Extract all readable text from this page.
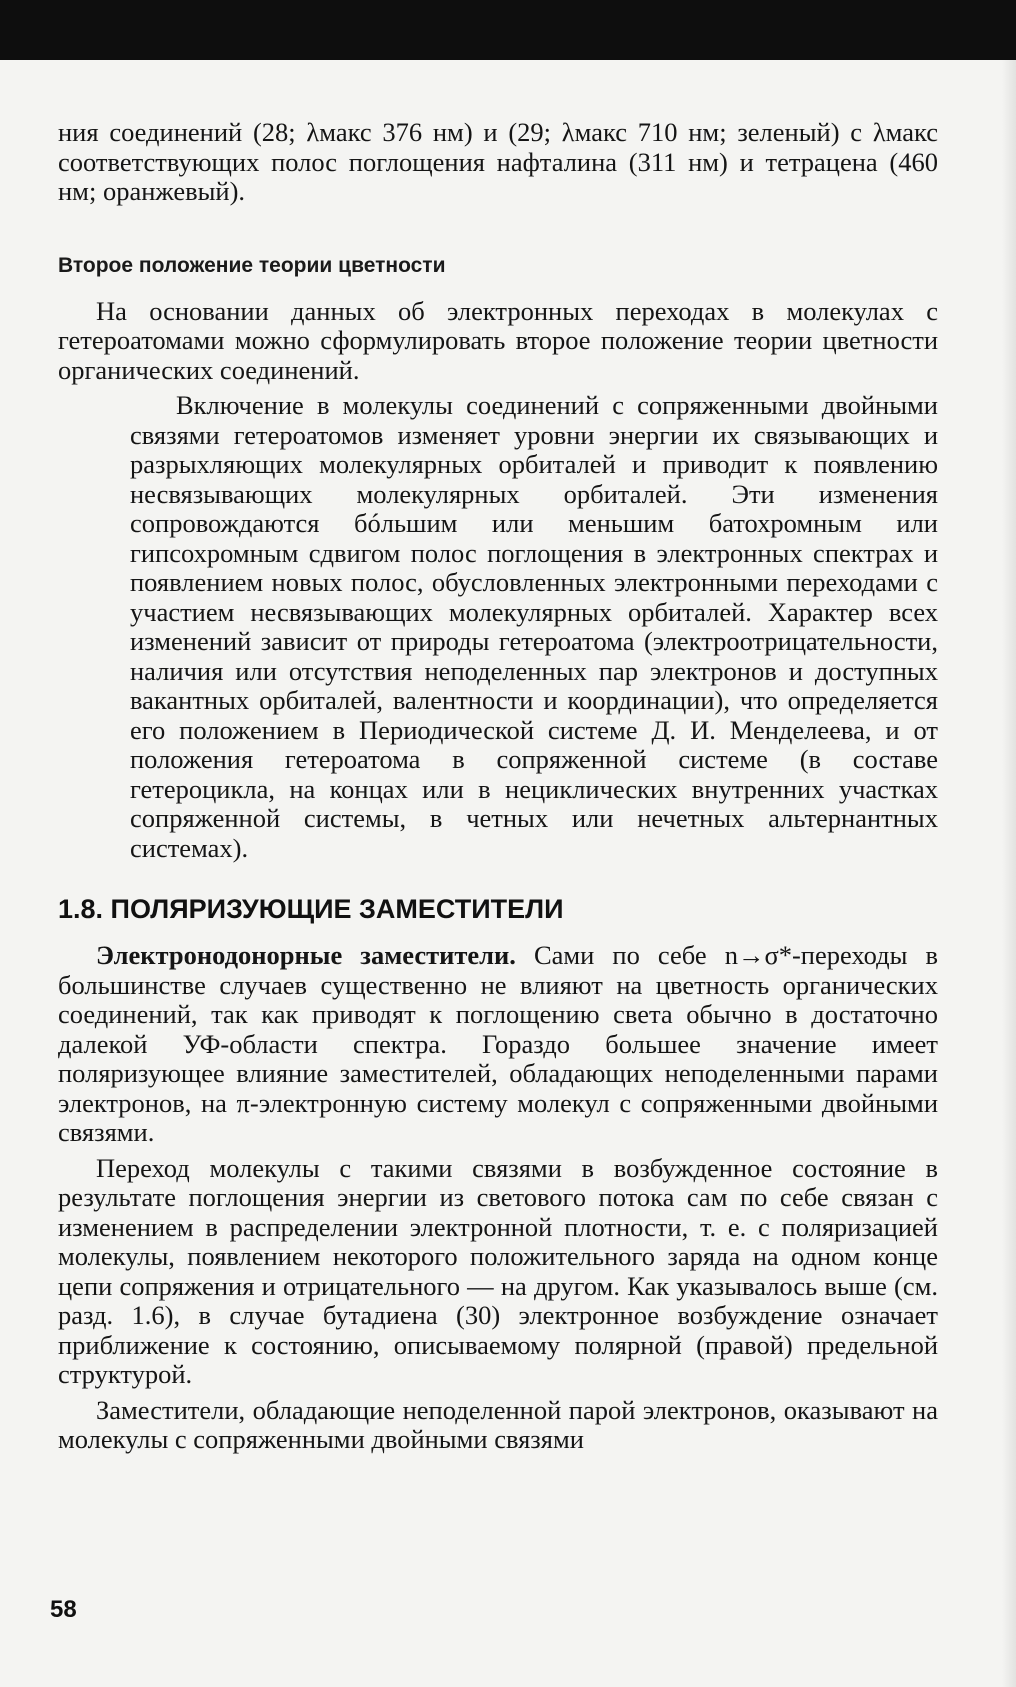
ния соединений (28; λмакс 376 нм) и (29; λмакс 710 нм; зеленый) с λмакс соответствующих полос поглощения нафталина (311 нм) и тетрацена (460 нм; оранжевый).

Второе положение теории цветности

На основании данных об электронных переходах в молекулах с гетероатомами можно сформулировать второе положение теории цветности органических соединений.

Включение в молекулы соединений с сопряженными двойными связями гетероатомов изменяет уровни энергии их связывающих и разрыхляющих молекулярных орбиталей и приводит к появлению несвязывающих молекулярных орбиталей. Эти изменения сопровождаются бóльшим или меньшим батохромным или гипсохромным сдвигом полос поглощения в электронных спектрах и появлением новых полос, обусловленных электронными переходами с участием несвязывающих молекулярных орбиталей. Характер всех изменений зависит от природы гетероатома (электроотрицательности, наличия или отсутствия неподеленных пар электронов и доступных вакантных орбиталей, валентности и координации), что определяется его положением в Периодической системе Д. И. Менделеева, и от положения гетероатома в сопряженной системе (в составе гетероцикла, на концах или в нециклических внутренних участках сопряженной системы, в четных или нечетных альтернантных системах).

1.8. ПОЛЯРИЗУЮЩИЕ ЗАМЕСТИТЕЛИ

Электронодонорные заместители. Сами по себе n→σ*-переходы в большинстве случаев существенно не влияют на цветность органических соединений, так как приводят к поглощению света обычно в достаточно далекой УФ-области спектра. Гораздо большее значение имеет поляризующее влияние заместителей, обладающих неподеленными парами электронов, на π-электронную систему молекул с сопряженными двойными связями.

Переход молекулы с такими связями в возбужденное состояние в результате поглощения энергии из светового потока сам по себе связан с изменением в распределении электронной плотности, т. е. с поляризацией молекулы, появлением некоторого положительного заряда на одном конце цепи сопряжения и отрицательного — на другом. Как указывалось выше (см. разд. 1.6), в случае бутадиена (30) электронное возбуждение означает приближение к состоянию, описываемому полярной (правой) предельной структурой.

Заместители, обладающие неподеленной парой электронов, оказывают на молекулы с сопряженными двойными связями

58
